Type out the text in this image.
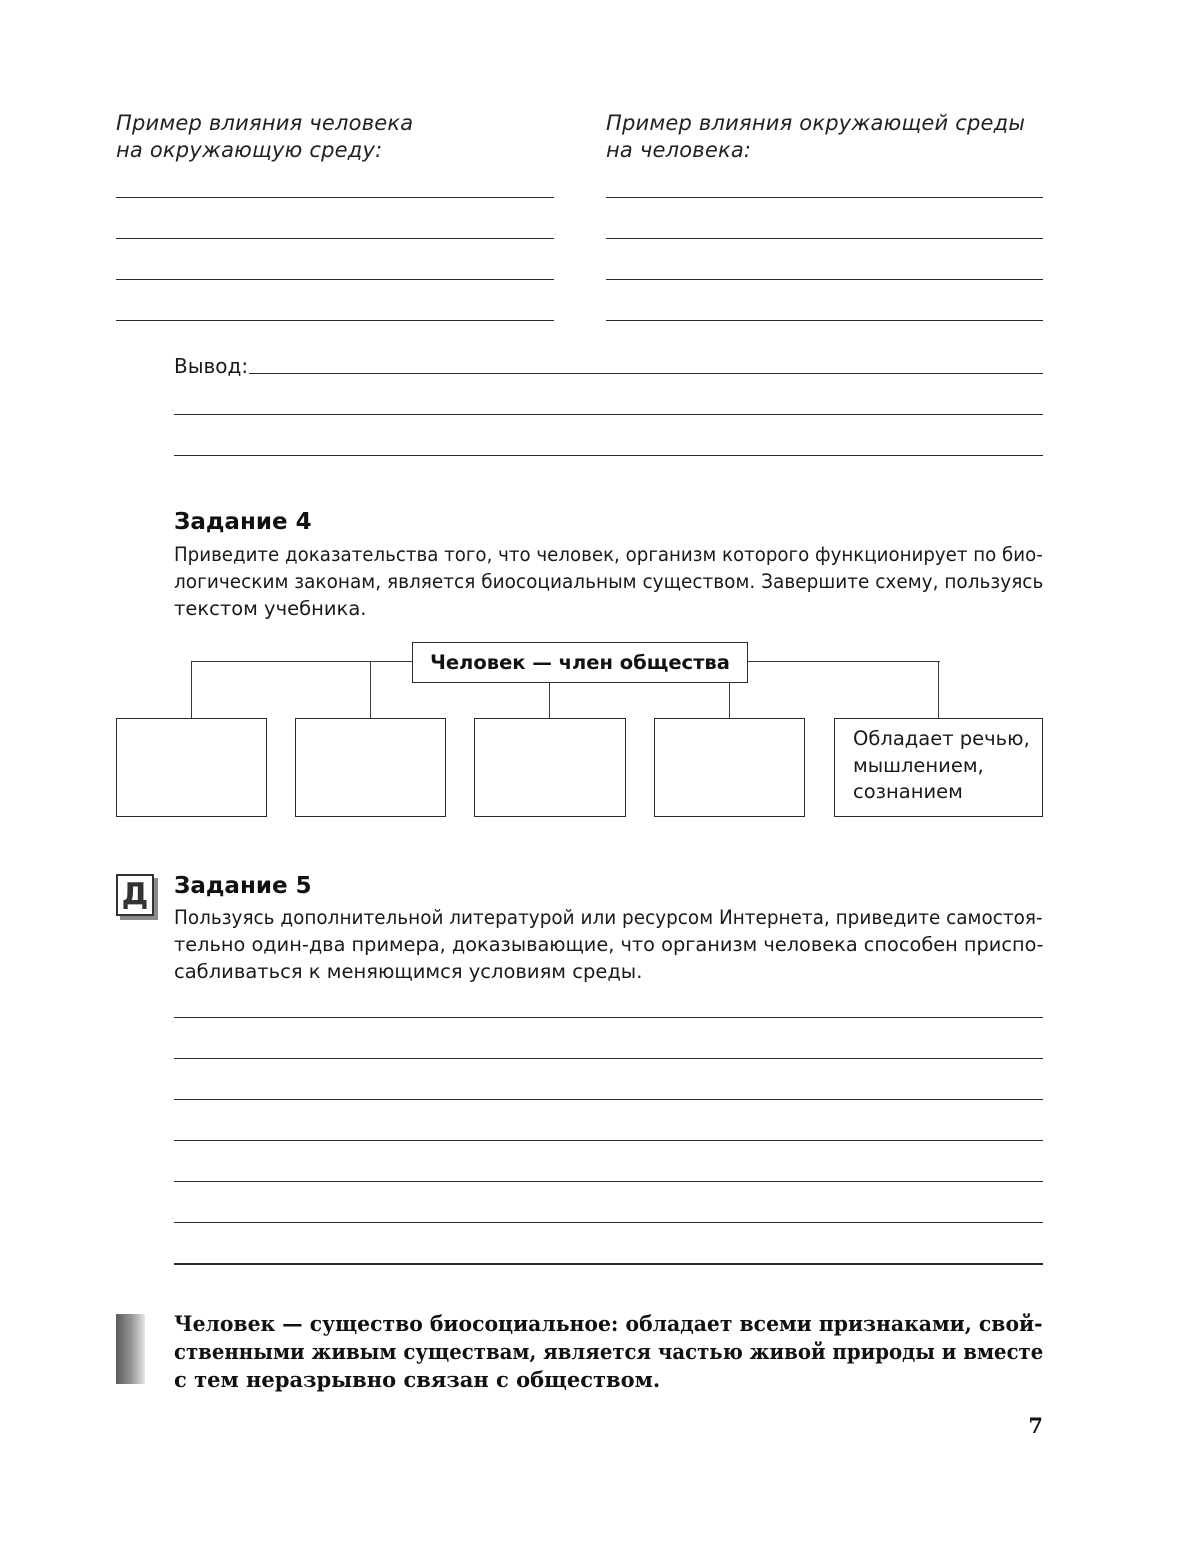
Пример влияния человека
на окружающую среду:
Пример влияния окружающей среды
на человека:
Вывод:
Задание 4
Приведите доказательства того, что человек, организм которого функционирует по био-
логическим законам, является биосоциальным существом. Завершите схему, пользуясь
текстом учебника.
Человек — член общества
Обладает речью,
мышлением,
сознанием
Д Задание 5
Пользуясь дополнительной литературой или ресурсом Интернета, приведите самостоя-
тельно один-два примера, доказывающие, что организм человека способен приспо-
сабливаться к меняющимся условиям среды.
Человек — существо биосоциальное: обладает всеми признаками, свой-
ственными живым существам, является частью живой природы и вместе
с тем неразрывно связан с обществом.
7
